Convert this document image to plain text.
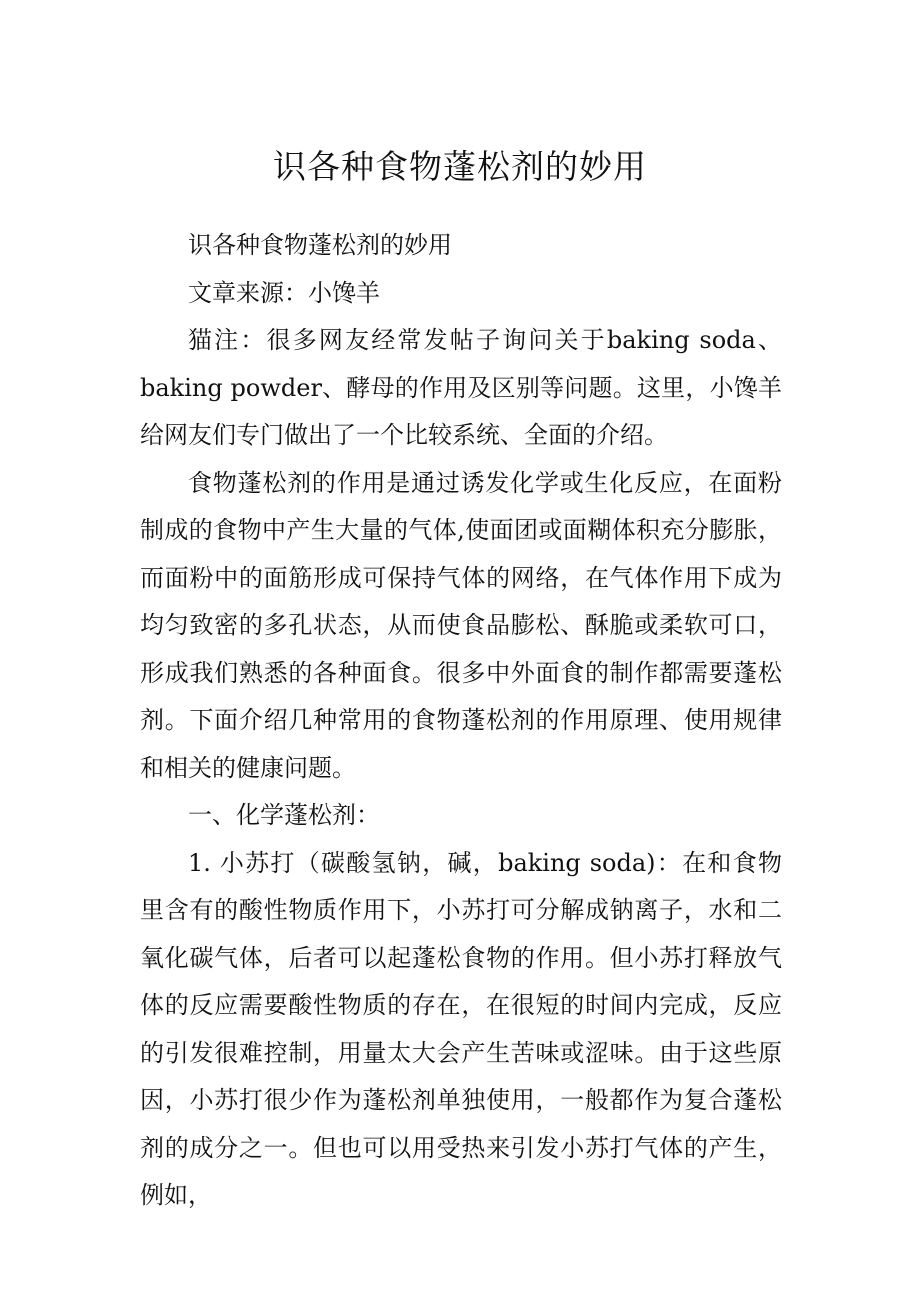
识各种食物蓬松剂的妙用

识各种食物蓬松剂的妙用

文章来源：小馋羊

猫注：很多网友经常发帖子询问关于baking soda、baking powder、酵母的作用及区别等问题。这里，小馋羊给网友们专门做出了一个比较系统、全面的介绍。

食物蓬松剂的作用是通过诱发化学或生化反应，在面粉制成的食物中产生大量的气体,使面团或面糊体积充分膨胀，而面粉中的面筋形成可保持气体的网络，在气体作用下成为均匀致密的多孔状态，从而使食品膨松、酥脆或柔软可口，形成我们熟悉的各种面食。很多中外面食的制作都需要蓬松剂。下面介绍几种常用的食物蓬松剂的作用原理、使用规律和相关的健康问题。

一、化学蓬松剂：

1. 小苏打（碳酸氢钠，碱，baking soda)：在和食物里含有的酸性物质作用下，小苏打可分解成钠离子，水和二氧化碳气体，后者可以起蓬松食物的作用。但小苏打释放气体的反应需要酸性物质的存在，在很短的时间内完成，反应的引发很难控制，用量太大会产生苦味或涩味。由于这些原因，小苏打很少作为蓬松剂单独使用，一般都作为复合蓬松剂的成分之一。但也可以用受热来引发小苏打气体的产生，例如，
